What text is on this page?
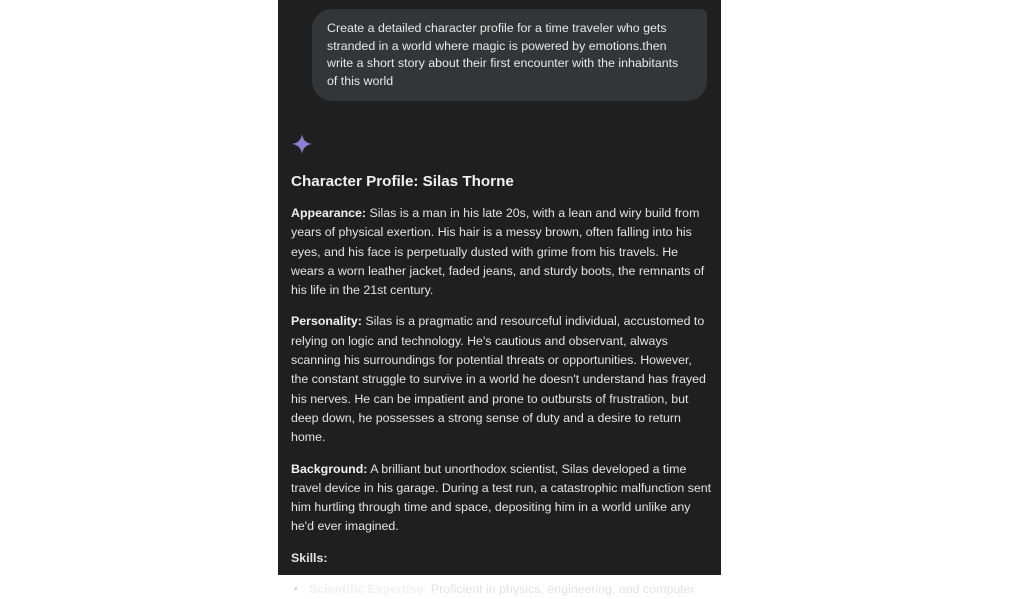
Create a detailed character profile for a time traveler who gets stranded in a world where magic is powered by emotions.then write a short story about their first encounter with the inhabitants of this world
Character Profile: Silas Thorne

Appearance: Silas is a man in his late 20s, with a lean and wiry build from years of physical exertion. His hair is a messy brown, often falling into his eyes, and his face is perpetually dusted with grime from his travels. He wears a worn leather jacket, faded jeans, and sturdy boots, the remnants of his life in the 21st century.

Personality: Silas is a pragmatic and resourceful individual, accustomed to relying on logic and technology. He's cautious and observant, always scanning his surroundings for potential threats or opportunities. However, the constant struggle to survive in a world he doesn't understand has frayed his nerves. He can be impatient and prone to outbursts of frustration, but deep down, he possesses a strong sense of duty and a desire to return home.

Background: A brilliant but unorthodox scientist, Silas developed a time travel device in his garage. During a test run, a catastrophic malfunction sent him hurtling through time and space, depositing him in a world unlike any he'd ever imagined.

Skills:
• Scientific Expertise: Proficient in physics, engineering, and computer
